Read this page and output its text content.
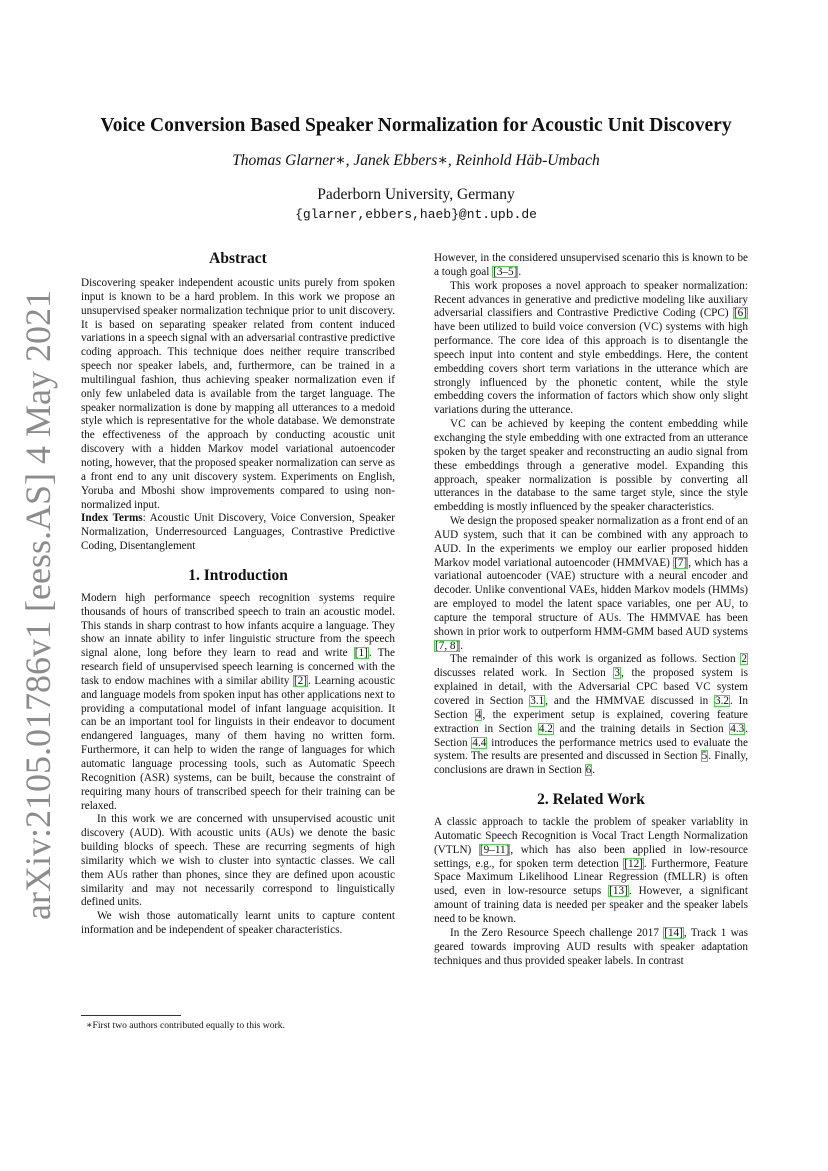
arXiv:2105.01786v1 [eess.AS] 4 May 2021
Voice Conversion Based Speaker Normalization for Acoustic Unit Discovery
Thomas Glarner∗, Janek Ebbers∗, Reinhold Häb-Umbach
Paderborn University, Germany
{glarner,ebbers,haeb}@nt.upb.de
Abstract

Discovering speaker independent acoustic units purely from spoken input is known to be a hard problem. In this work we propose an unsupervised speaker normalization technique prior to unit discovery. It is based on separating speaker related from content induced variations in a speech signal with an adversarial contrastive predictive coding approach. This technique does neither require transcribed speech nor speaker labels, and, furthermore, can be trained in a multilingual fashion, thus achieving speaker normalization even if only few unlabeled data is available from the target language. The speaker normalization is done by mapping all utterances to a medoid style which is representative for the whole database. We demonstrate the effectiveness of the approach by conducting acoustic unit discovery with a hidden Markov model variational autoencoder noting, however, that the proposed speaker normalization can serve as a front end to any unit discovery system. Experiments on English, Yoruba and Mboshi show improvements compared to using non-normalized input.

Index Terms: Acoustic Unit Discovery, Voice Conversion, Speaker Normalization, Underresourced Languages, Contrastive Predictive Coding, Disentanglement

1. Introduction

Modern high performance speech recognition systems require thousands of hours of transcribed speech to train an acoustic model. This stands in sharp contrast to how infants acquire a language. They show an innate ability to infer linguistic structure from the speech signal alone, long before they learn to read and write [1]. The research field of unsupervised speech learning is concerned with the task to endow machines with a similar ability [2]. Learning acoustic and language models from spoken input has other applications next to providing a computational model of infant language acquisition. It can be an important tool for linguists in their endeavor to document endangered languages, many of them having no written form. Furthermore, it can help to widen the range of languages for which automatic language processing tools, such as Automatic Speech Recognition (ASR) systems, can be built, because the constraint of requiring many hours of transcribed speech for their training can be relaxed.

In this work we are concerned with unsupervised acoustic unit discovery (AUD). With acoustic units (AUs) we denote the basic building blocks of speech. These are recurring segments of high similarity which we wish to cluster into syntactic classes. We call them AUs rather than phones, since they are defined upon acoustic similarity and may not necessarily correspond to linguistically defined units.

We wish those automatically learnt units to capture content information and be independent of speaker characteristics.

However, in the considered unsupervised scenario this is known to be a tough goal [3–5].

This work proposes a novel approach to speaker normalization: Recent advances in generative and predictive modeling like auxiliary adversarial classifiers and Contrastive Predictive Coding (CPC) [6] have been utilized to build voice conversion (VC) systems with high performance. The core idea of this approach is to disentangle the speech input into content and style embeddings. Here, the content embedding covers short term variations in the utterance which are strongly influenced by the phonetic content, while the style embedding covers the information of factors which show only slight variations during the utterance.

VC can be achieved by keeping the content embedding while exchanging the style embedding with one extracted from an utterance spoken by the target speaker and reconstructing an audio signal from these embeddings through a generative model. Expanding this approach, speaker normalization is possible by converting all utterances in the database to the same target style, since the style embedding is mostly influenced by the speaker characteristics.

We design the proposed speaker normalization as a front end of an AUD system, such that it can be combined with any approach to AUD. In the experiments we employ our earlier proposed hidden Markov model variational autoencoder (HMMVAE) [7], which has a variational autoencoder (VAE) structure with a neural encoder and decoder. Unlike conventional VAEs, hidden Markov models (HMMs) are employed to model the latent space variables, one per AU, to capture the temporal structure of AUs. The HMMVAE has been shown in prior work to outperform HMM-GMM based AUD systems [7, 8].

The remainder of this work is organized as follows. Section 2 discusses related work. In Section 3, the proposed system is explained in detail, with the Adversarial CPC based VC system covered in Section 3.1, and the HMMVAE discussed in 3.2. In Section 4, the experiment setup is explained, covering feature extraction in Section 4.2 and the training details in Section 4.3. Section 4.4 introduces the performance metrics used to evaluate the system. The results are presented and discussed in Section 5. Finally, conclusions are drawn in Section 6.

2. Related Work

A classic approach to tackle the problem of speaker variablity in Automatic Speech Recognition is Vocal Tract Length Normalization (VTLN) [9–11], which has also been applied in low-resource settings, e.g., for spoken term detection [12]. Furthermore, Feature Space Maximum Likelihood Linear Regression (fMLLR) is often used, even in low-resource setups [13]. However, a significant amount of training data is needed per speaker and the speaker labels need to be known.

In the Zero Resource Speech challenge 2017 [14], Track 1 was geared towards improving AUD results with speaker adaptation techniques and thus provided speaker labels. In contrast

∗First two authors contributed equally to this work.
